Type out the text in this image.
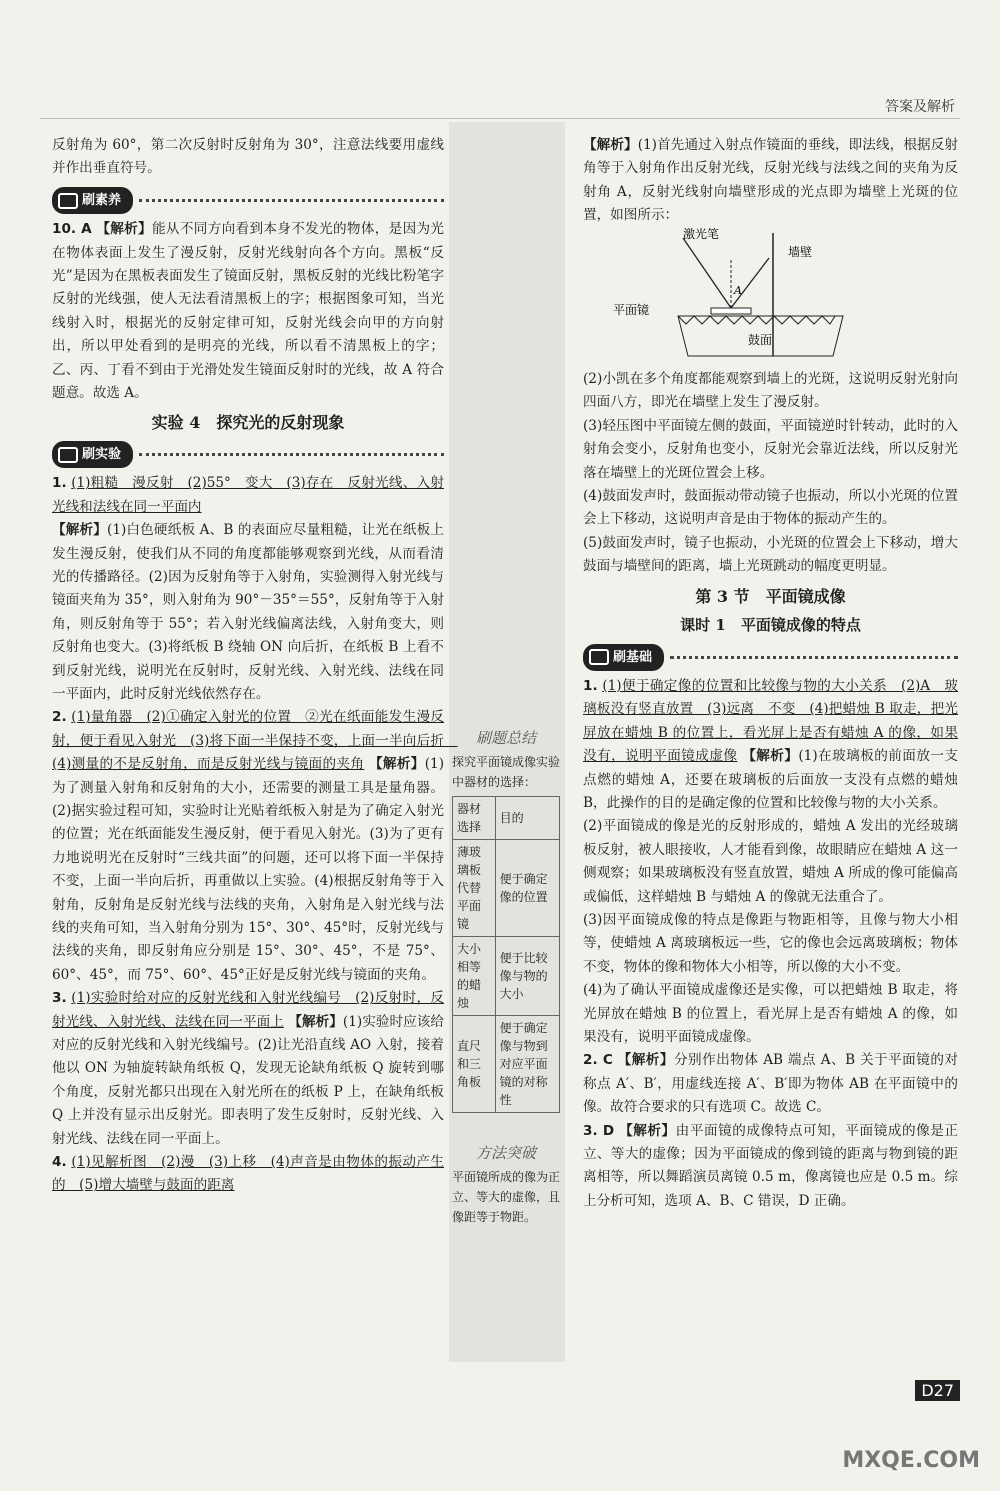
答案及解析

反射角为 60°，第二次反射时反射角为 30°，注意法线要用虚线并作出垂直符号。

刷素养

10. A 【解析】能从不同方向看到本身不发光的物体，是因为光在物体表面上发生了漫反射，反射光线射向各个方向。黑板“反光”是因为在黑板表面发生了镜面反射，黑板反射的光线比粉笔字反射的光线强，使人无法看清黑板上的字；根据图象可知，当光线射入时，根据光的反射定律可知，反射光线会向甲的方向射出，所以甲处看到的是明亮的光线，所以看不清黑板上的字；乙、丙、丁看不到由于光滑处发生镜面反射时的光线，故 A 符合题意。故选 A。

实验 4　探究光的反射现象
刷实验

1. (1)粗糙　漫反射　(2)55°　变大　(3)存在　反射光线、入射光线和法线在同一平面内
【解析】(1)白色硬纸板 A、B 的表面应尽量粗糙，让光在纸板上发生漫反射，使我们从不同的角度都能够观察到光线，从而看清光的传播路径。(2)因为反射角等于入射角，实验测得入射光线与镜面夹角为 35°，则入射角为 90°－35°＝55°，反射角等于入射角，则反射角等于 55°；若入射光线偏离法线，入射角变大，则反射角也变大。(3)将纸板 B 绕轴 ON 向后折，在纸板 B 上看不到反射光线，说明光在反射时，反射光线、入射光线、法线在同一平面内，此时反射光线依然存在。

2. (1)量角器　(2)①确定入射光的位置　②光在纸面能发生漫反射，便于看见入射光　(3)将下面一半保持不变，上面一半向后折　(4)测量的不是反射角，而是反射光线与镜面的夹角 【解析】(1)为了测量入射角和反射角的大小，还需要的测量工具是量角器。(2)据实验过程可知，实验时让光贴着纸板入射是为了确定入射光的位置；光在纸面能发生漫反射，便于看见入射光。(3)为了更有力地说明光在反射时“三线共面”的问题，还可以将下面一半保持不变，上面一半向后折，再重做以上实验。(4)根据反射角等于入射角，反射角是反射光线与法线的夹角，入射角是入射光线与法线的夹角可知，当入射角分别为 15°、30°、45°时，反射光线与法线的夹角，即反射角应分别是 15°、30°、45°，不是 75°、60°、45°，而 75°、60°、45°正好是反射光线与镜面的夹角。

3. (1)实验时给对应的反射光线和入射光线编号　(2)反射时，反射光线、入射光线、法线在同一平面上 【解析】(1)实验时应该给对应的反射光线和入射光线编号。(2)让光沿直线 AO 入射，接着他以 ON 为轴旋转缺角纸板 Q，发现无论缺角纸板 Q 旋转到哪个角度，反射光都只出现在入射光所在的纸板 P 上，在缺角纸板 Q 上并没有显示出反射光。即表明了发生反射时，反射光线、入射光线、法线在同一平面上。

4. (1)见解析图　(2)漫　(3)上移　(4)声音是由物体的振动产生的　(5)增大墙壁与鼓面的距离

刷题总结
探究平面镜成像实验中器材的选择：
器材选择	目的
薄玻璃板代替平面镜	便于确定像的位置
大小相等的蜡烛	便于比较像与物的大小
直尺和三角板	便于确定像与物到对应平面镜的对称性
方法突破
平面镜所成的像为正立、等大的虚像，且像距等于物距。

【解析】(1)首先通过入射点作镜面的垂线，即法线，根据反射角等于入射角作出反射光线，反射光线与法线之间的夹角为反射角 A，反射光线射向墙壁形成的光点即为墙壁上光斑的位置，如图所示：

激光笔
墙壁
平面镜
鼓面
A

(2)小凯在多个角度都能观察到墙上的光斑，这说明反射光射向四面八方，即光在墙壁上发生了漫反射。

(3)轻压图中平面镜左侧的鼓面，平面镜逆时针转动，此时的入射角会变小，反射角也变小，反射光会靠近法线，所以反射光落在墙壁上的光斑位置会上移。

(4)鼓面发声时，鼓面振动带动镜子也振动，所以小光斑的位置会上下移动，这说明声音是由于物体的振动产生的。

(5)鼓面发声时，镜子也振动，小光斑的位置会上下移动，增大鼓面与墙壁间的距离，墙上光斑跳动的幅度更明显。

第 3 节　平面镜成像
课时 1　平面镜成像的特点
刷基础

1. (1)便于确定像的位置和比较像与物的大小关系　(2)A　玻璃板没有竖直放置　(3)远离　不变　(4)把蜡烛 B 取走，把光屏放在蜡烛 B 的位置上，看光屏上是否有蜡烛 A 的像，如果没有，说明平面镜成虚像 【解析】(1)在玻璃板的前面放一支点燃的蜡烛 A，还要在玻璃板的后面放一支没有点燃的蜡烛 B，此操作的目的是确定像的位置和比较像与物的大小关系。

(2)平面镜成的像是光的反射形成的，蜡烛 A 发出的光经玻璃板反射，被人眼接收，人才能看到像，故眼睛应在蜡烛 A 这一侧观察；如果玻璃板没有竖直放置，蜡烛 A 所成的像可能偏高或偏低，这样蜡烛 B 与蜡烛 A 的像就无法重合了。

(3)因平面镜成像的特点是像距与物距相等，且像与物大小相等，使蜡烛 A 离玻璃板远一些，它的像也会远离玻璃板；物体不变，物体的像和物体大小相等，所以像的大小不变。

(4)为了确认平面镜成虚像还是实像，可以把蜡烛 B 取走，将光屏放在蜡烛 B 的位置上，看光屏上是否有蜡烛 A 的像，如果没有，说明平面镜成虚像。

2. C 【解析】分别作出物体 AB 端点 A、B 关于平面镜的对称点 A′、B′，用虚线连接 A′、B′即为物体 AB 在平面镜中的像。故符合要求的只有选项 C。故选 C。

3. D 【解析】由平面镜的成像特点可知，平面镜成的像是正立、等大的虚像；因为平面镜成的像到镜的距离与物到镜的距离相等，所以舞蹈演员离镜 0.5 m，像离镜也应是 0.5 m。综上分析可知，选项 A、B、C 错误，D 正确。

D27
MXQE.COM
